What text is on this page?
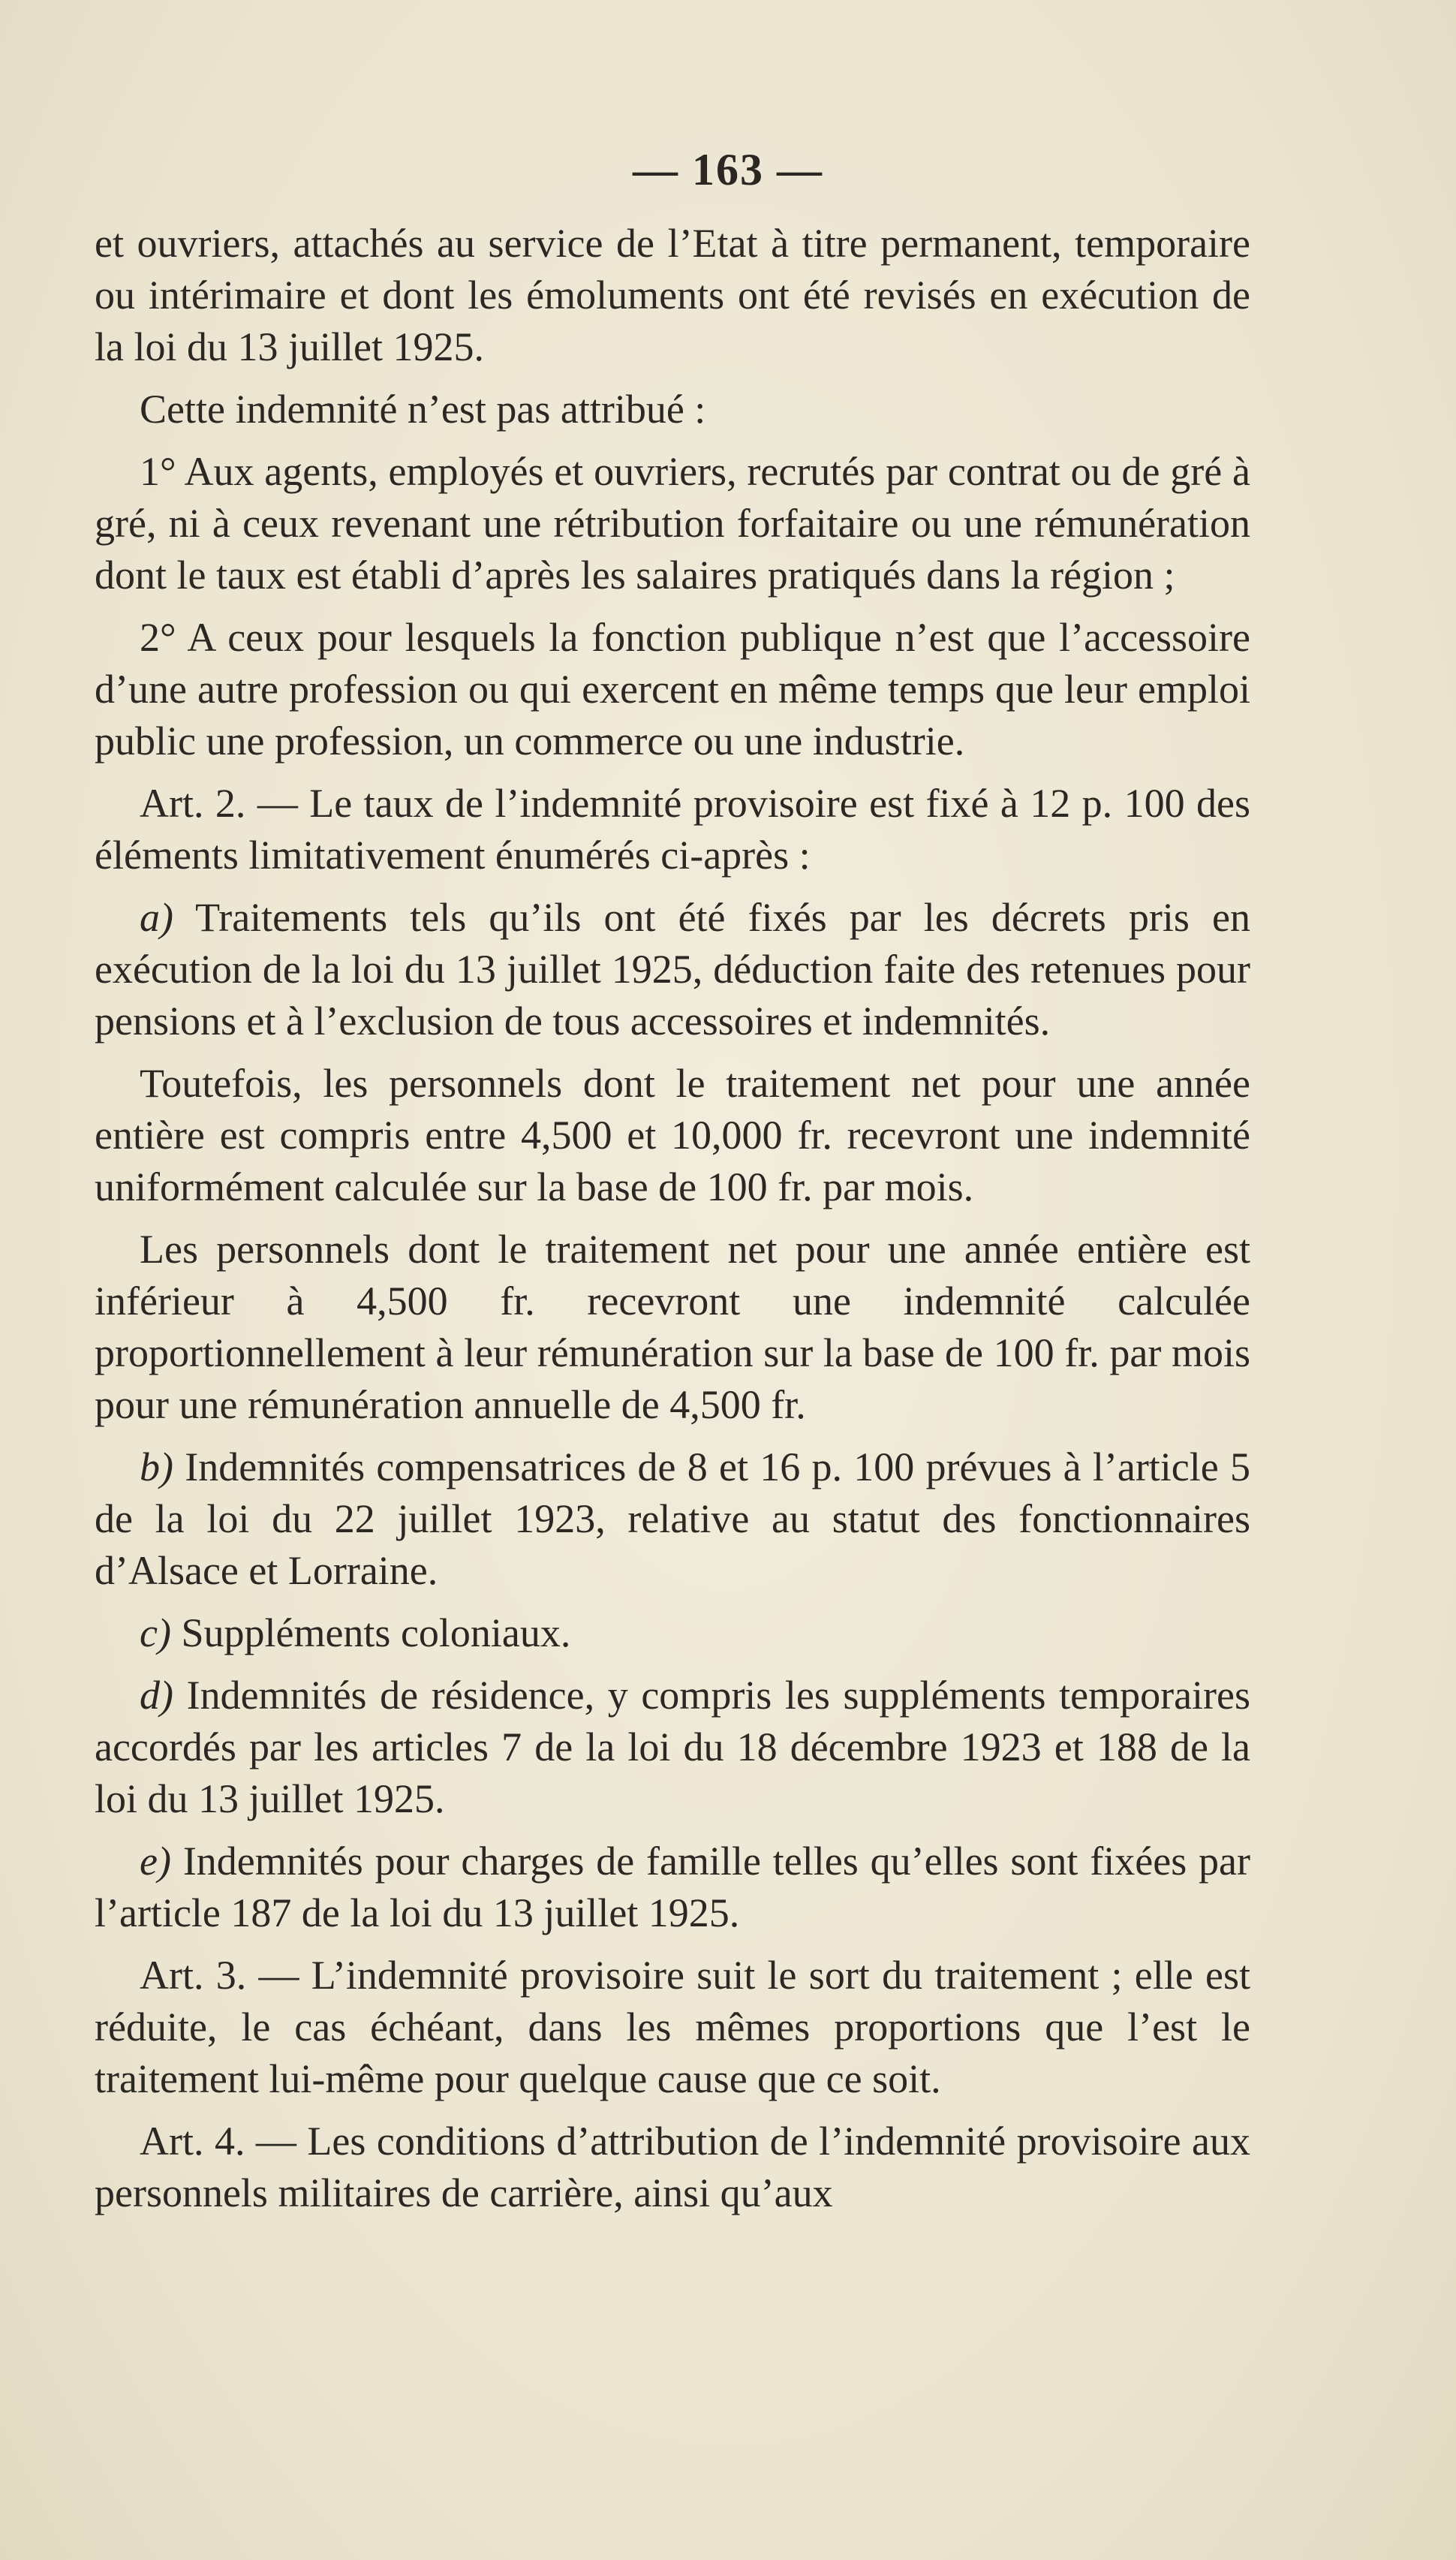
— 163 —

et ouvriers, attachés au service de l’Etat à titre permanent, temporaire ou intérimaire et dont les émoluments ont été revisés en exécution de la loi du 13 juillet 1925.

Cette indemnité n’est pas attribué :

1° Aux agents, employés et ouvriers, recrutés par contrat ou de gré à gré, ni à ceux revenant une rétribution forfaitaire ou une rémunération dont le taux est établi d’après les salaires pratiqués dans la région ;

2° A ceux pour lesquels la fonction publique n’est que l’accessoire d’une autre profession ou qui exercent en même temps que leur emploi public une profession, un commerce ou une industrie.

Art. 2. — Le taux de l’indemnité provisoire est fixé à 12 p. 100 des éléments limitativement énumérés ci-après :

a) Traitements tels qu’ils ont été fixés par les décrets pris en exécution de la loi du 13 juillet 1925, déduction faite des retenues pour pensions et à l’exclusion de tous accessoires et indemnités.

Toutefois, les personnels dont le traitement net pour une année entière est compris entre 4,500 et 10,000 fr. recevront une indemnité uniformément calculée sur la base de 100 fr. par mois.

Les personnels dont le traitement net pour une année entière est inférieur à 4,500 fr. recevront une indemnité calculée proportionnellement à leur rémunération sur la base de 100 fr. par mois pour une rémunération annuelle de 4,500 fr.

b) Indemnités compensatrices de 8 et 16 p. 100 prévues à l’article 5 de la loi du 22 juillet 1923, relative au statut des fonctionnaires d’Alsace et Lorraine.

c) Suppléments coloniaux.

d) Indemnités de résidence, y compris les suppléments temporaires accordés par les articles 7 de la loi du 18 décembre 1923 et 188 de la loi du 13 juillet 1925.

e) Indemnités pour charges de famille telles qu’elles sont fixées par l’article 187 de la loi du 13 juillet 1925.

Art. 3. — L’indemnité provisoire suit le sort du traitement ; elle est réduite, le cas échéant, dans les mêmes proportions que l’est le traitement lui-même pour quelque cause que ce soit.

Art. 4. — Les conditions d’attribution de l’indemnité provisoire aux personnels militaires de carrière, ainsi qu’aux
